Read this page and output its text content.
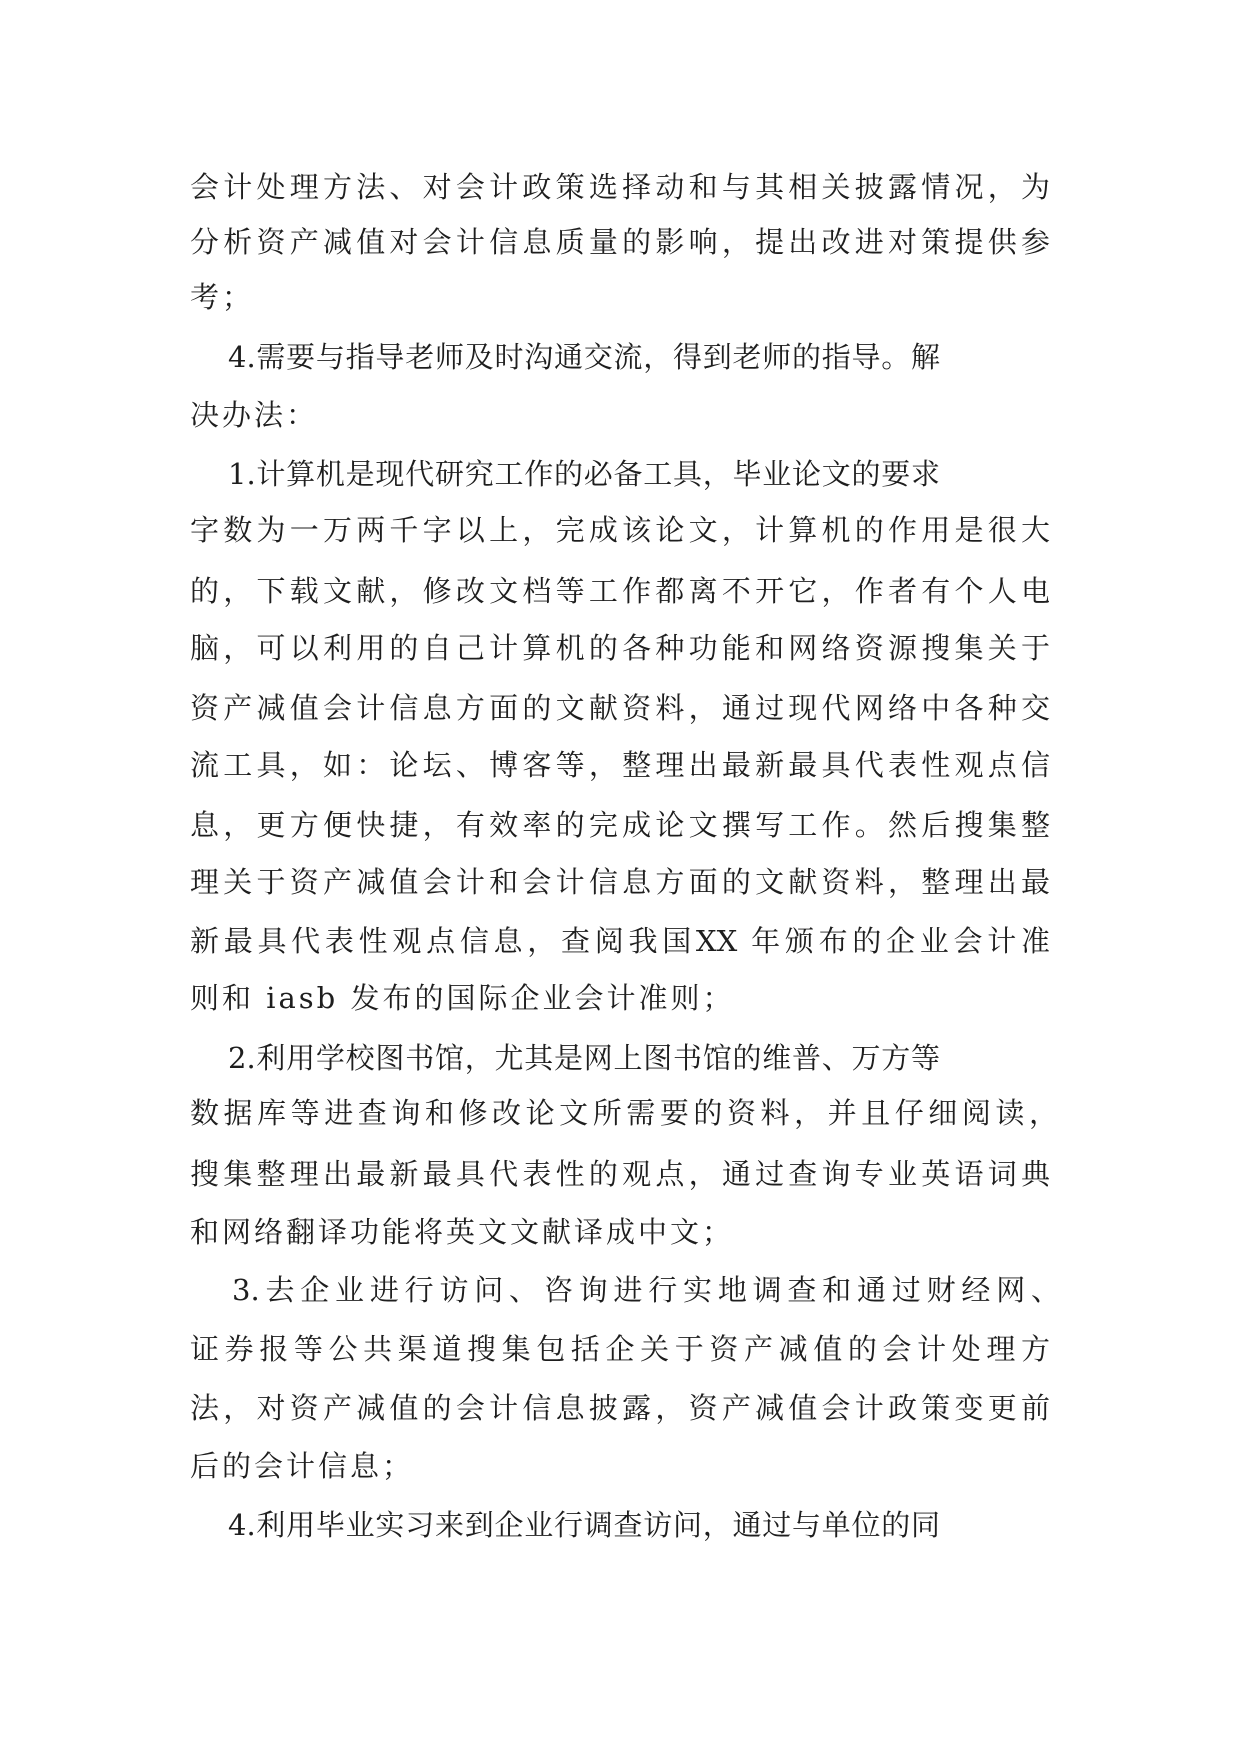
会计处理方法、对会计政策选择动和与其相关披露情况，为
分析资产减值对会计信息质量的影响，提出改进对策提供参
考；
4.需要与指导老师及时沟通交流，得到老师的指导。解
决办法：
1.计算机是现代研究工作的必备工具，毕业论文的要求
字数为一万两千字以上，完成该论文，计算机的作用是很大
的，下载文献，修改文档等工作都离不开它，作者有个人电
脑，可以利用的自己计算机的各种功能和网络资源搜集关于
资产减值会计信息方面的文献资料，通过现代网络中各种交
流工具，如：论坛、博客等，整理出最新最具代表性观点信
息，更方便快捷，有效率的完成论文撰写工作。然后搜集整
理关于资产减值会计和会计信息方面的文献资料，整理出最
新最具代表性观点信息，查阅我国XX 年颁布的企业会计准
则和 iasb 发布的国际企业会计准则；
2.利用学校图书馆，尤其是网上图书馆的维普、万方等
数据库等进查询和修改论文所需要的资料，并且仔细阅读，
搜集整理出最新最具代表性的观点，通过查询专业英语词典
和网络翻译功能将英文文献译成中文；
3.去企业进行访问、咨询进行实地调查和通过财经网、
证券报等公共渠道搜集包括企关于资产减值的会计处理方
法，对资产减值的会计信息披露，资产减值会计政策变更前
后的会计信息；
4.利用毕业实习来到企业行调查访问，通过与单位的同
